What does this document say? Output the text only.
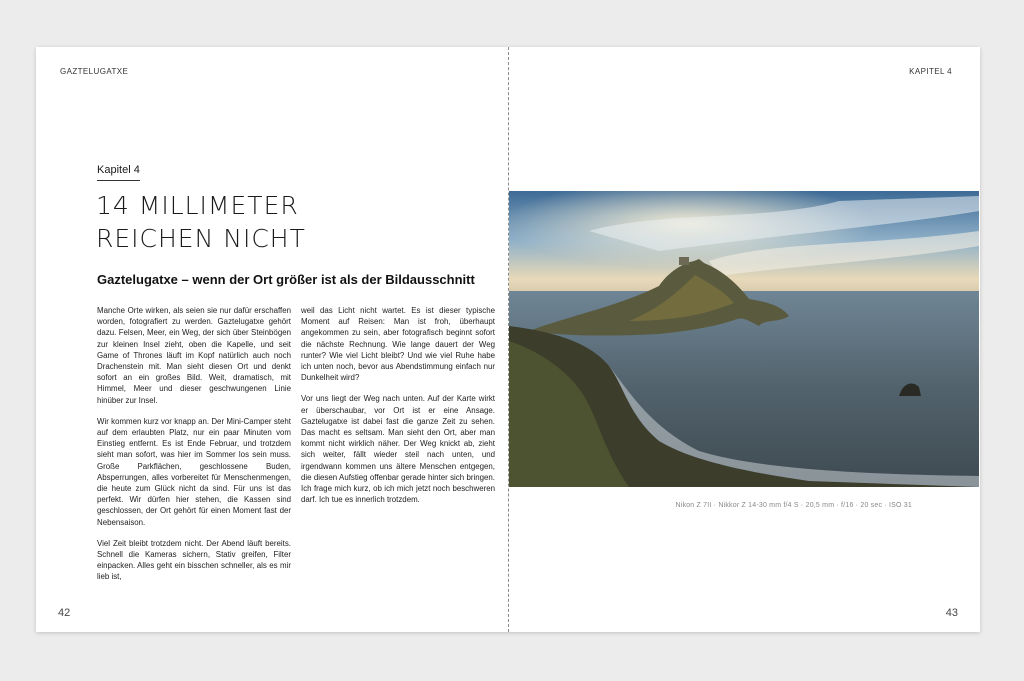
GAZTELUGATXE
Kapitel 4
14 MILLIMETER
REICHEN NICHT
Gaztelugatxe – wenn der Ort größer ist als der Bildausschnitt

Manche Orte wirken, als seien sie nur dafür erschaffen worden, fotografiert zu werden. Gaztelugatxe gehört dazu. Felsen, Meer, ein Weg, der sich über Steinbögen zur kleinen Insel zieht, oben die Kapelle, und seit Game of Thrones läuft im Kopf natürlich auch noch Drachenstein mit. Man sieht diesen Ort und denkt sofort an ein großes Bild. Weit, dramatisch, mit Himmel, Meer und dieser geschwungenen Linie hinüber zur Insel.

Wir kommen kurz vor knapp an. Der Mini-Camper steht auf dem erlaubten Platz, nur ein paar Minuten vom Einstieg entfernt. Es ist Ende Februar, und trotzdem sieht man sofort, was hier im Sommer los sein muss. Große Parkflächen, geschlossene Buden, Absperrungen, alles vorbereitet für Menschenmengen, die heute zum Glück nicht da sind. Für uns ist das perfekt. Wir dürfen hier stehen, die Kassen sind geschlossen, der Ort gehört für einen Moment fast der Nebensaison.

Viel Zeit bleibt trotzdem nicht. Der Abend läuft bereits. Schnell die Kameras sichern, Stativ greifen, Filter einpacken. Alles geht ein bisschen schneller, als es mir lieb ist,

weil das Licht nicht wartet. Es ist dieser typische Moment auf Reisen: Man ist froh, überhaupt angekommen zu sein, aber fotografisch beginnt sofort die nächste Rechnung. Wie lange dauert der Weg runter? Wie viel Licht bleibt? Und wie viel Ruhe habe ich unten noch, bevor aus Abendstimmung einfach nur Dunkelheit wird?

Vor uns liegt der Weg nach unten. Auf der Karte wirkt er überschaubar, vor Ort ist er eine Ansage. Gaztelugatxe ist dabei fast die ganze Zeit zu sehen. Das macht es seltsam. Man sieht den Ort, aber man kommt nicht wirklich näher. Der Weg knickt ab, zieht sich weiter, fällt wieder steil nach unten, und irgendwann kommen uns ältere Menschen entgegen, die diesen Aufstieg offenbar gerade hinter sich bringen. Ich frage mich kurz, ob ich mich jetzt noch beschweren darf. Ich tue es innerlich trotzdem.

42
KAPITEL 4
Nikon Z 7II · Nikkor Z 14-30 mm f/4 S · 20,5 mm · f/16 · 20 sec · ISO 31
43
